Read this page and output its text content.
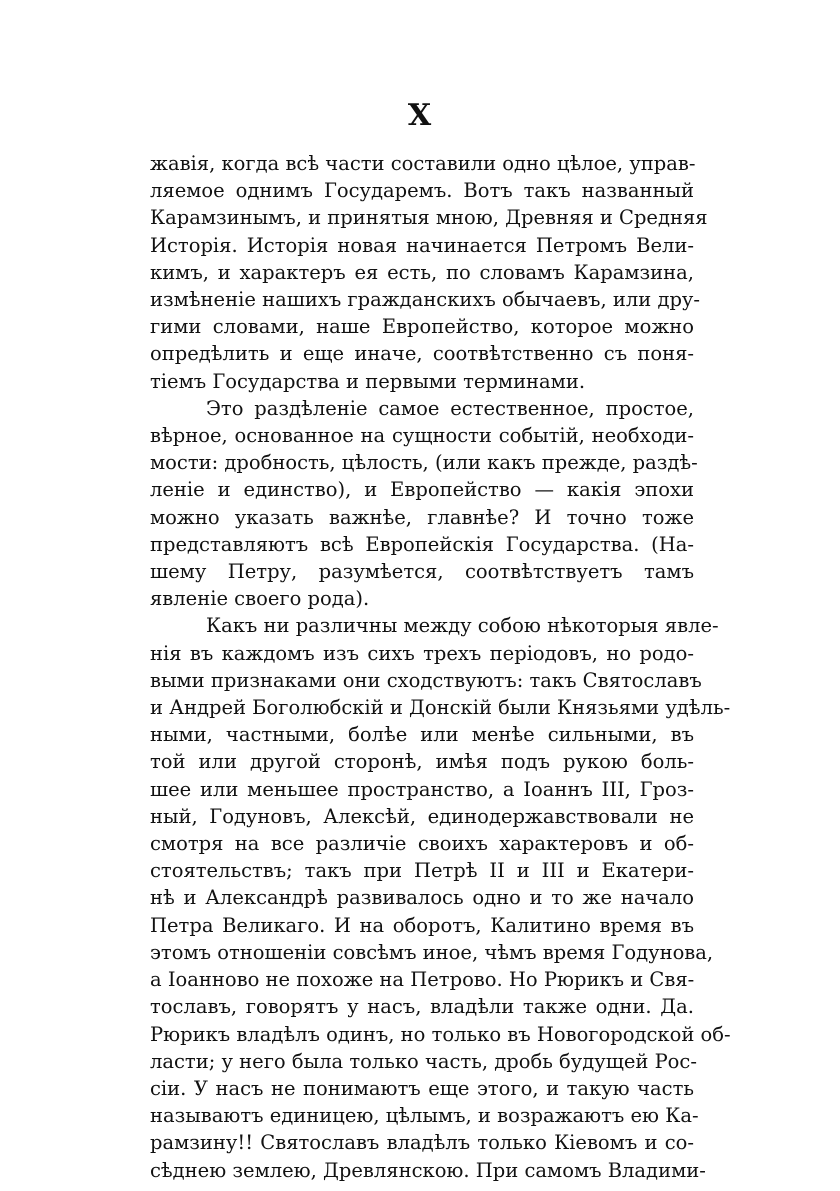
X
жавія, когда всѣ части составили одно цѣлое, управ-
ляемое однимъ Государемъ. Вотъ такъ названный
Карамзинымъ, и принятыя мною, Древняя и Средняя
Исторія. Исторія новая начинается Петромъ Вели-
кимъ, и характеръ ея есть, по словамъ Карамзина,
измѣненіе нашихъ гражданскихъ обычаевъ, или дру-
гими словами, наше Европейство, которое можно
опредѣлить и еще иначе, соотвѣтственно съ поня-
тіемъ Государства и первыми терминами.
Это раздѣленіе самое естественное, простое,
вѣрное, основанное на сущности событій, необходи-
мости: дробность, цѣлость, (или какъ прежде, раздѣ-
леніе и единство), и Европейство — какія эпохи
можно указать важнѣе, главнѣе? И точно тоже
представляютъ всѣ Европейскія Государства. (На-
шему Петру, разумѣется, соотвѣтствуетъ тамъ
явленіе своего рода).
Какъ ни различны между собою нѣкоторыя явле-
нія въ каждомъ изъ сихъ трехъ періодовъ, но родо-
выми признаками они сходствуютъ: такъ Святославъ
и Андрей Боголюбскій и Донскій были Князьями удѣль-
ными, частными, болѣе или менѣе сильными, въ
той или другой сторонѣ, имѣя подъ рукою боль-
шее или меньшее пространство, а Іоаннъ III, Гроз-
ный, Годуновъ, Алексѣй, единодержавствовали не
смотря на все различіе своихъ характеровъ и об-
стоятельствъ; такъ при Петрѣ II и III и Екатери-
нѣ и Александрѣ развивалось одно и то же начало
Петра Великаго. И на оборотъ, Калитино время въ
этомъ отношеніи совсѣмъ иное, чѣмъ время Годунова,
а Іоанново не похоже на Петрово. Но Рюрикъ и Свя-
тославъ, говорятъ у насъ, владѣли также одни. Да.
Рюрикъ владѣлъ одинъ, но только въ Новогородской об-
ласти; у него была только часть, дробь будущей Рос-
сіи. У насъ не понимаютъ еще этого, и такую часть
называютъ единицею, цѣлымъ, и возражаютъ ею Ка-
рамзину!! Святославъ владѣлъ только Кіевомъ и со-
сѣднею землею, Древлянскою. При самомъ Владими-
